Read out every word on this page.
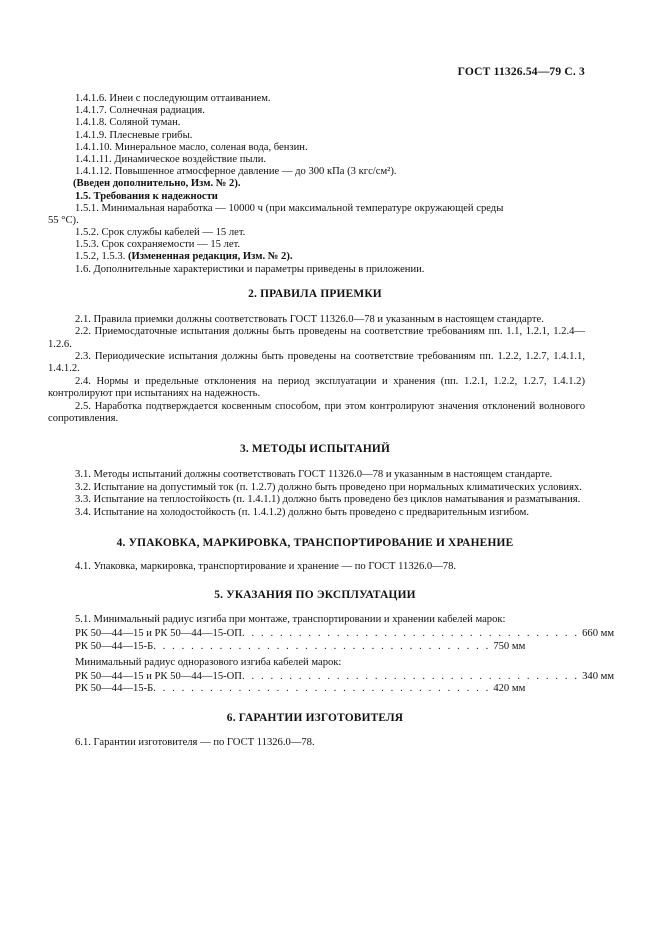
ГОСТ 11326.54—79 С. 3
1.4.1.6. Инеи с последующим оттаиванием.
1.4.1.7. Солнечная радиация.
1.4.1.8. Соляной туман.
1.4.1.9. Плесневые грибы.
1.4.1.10. Минеральное масло, соленая вода, бензин.
1.4.1.11. Динамическое воздействие пыли.
1.4.1.12. Повышенное атмосферное давление — до 300 кПа (3 кгс/см²).
(Введен дополнительно, Изм. № 2).
1.5. Требования к надежности
1.5.1. Минимальная наработка — 10000 ч (при максимальной температуре окружающей среды
55 °С).
1.5.2. Срок службы кабелей — 15 лет.
1.5.3. Срок сохраняемости — 15 лет.
1.5.2, 1.5.3. (Измененная редакция, Изм. № 2).
1.6. Дополнительные характеристики и параметры приведены в приложении.
2. ПРАВИЛА ПРИЕМКИ

2.1. Правила приемки должны соответствовать ГОСТ 11326.0—78 и указанным в настоящем стандарте.

2.2. Приемосдаточные испытания должны быть проведены на соответствие требованиям пп. 1.1, 1.2.1, 1.2.4—1.2.6.

2.3. Периодические испытания должны быть проведены на соответствие требованиям пп. 1.2.2, 1.2.7, 1.4.1.1, 1.4.1.2.

2.4. Нормы и предельные отклонения на период эксплуатации и хранения (пп. 1.2.1, 1.2.2, 1.2.7, 1.4.1.2) контролируют при испытаниях на надежность.

2.5. Наработка подтверждается косвенным способом, при этом контролируют значения отклонений волнового сопротивления.

3. МЕТОДЫ ИСПЫТАНИЙ

3.1. Методы испытаний должны соответствовать ГОСТ 11326.0—78 и указанным в настоящем стандарте.

3.2. Испытание на допустимый ток (п. 1.2.7) должно быть проведено при нормальных климатических условиях.

3.3. Испытание на теплостойкость (п. 1.4.1.1) должно быть проведено без циклов наматывания и разматывания.

3.4. Испытание на холодостойкость (п. 1.4.1.2) должно быть проведено с предварительным изгибом.

4. УПАКОВКА, МАРКИРОВКА, ТРАНСПОРТИРОВАНИЕ И ХРАНЕНИЕ
4.1. Упаковка, маркировка, транспортирование и хранение — по ГОСТ 11326.0—78.
5. УКАЗАНИЯ ПО ЭКСПЛУАТАЦИИ
5.1. Минимальный радиус изгиба при монтаже, транспортировании и хранении кабелей марок:
РК 50—44—15 и РК 50—44—15-ОП . . . . . . . . . . . . . . . . . . . . . . . . . . . . . . . . . . . . 660 мм
РК 50—44—15-Б . . . . . . . . . . . . . . . . . . . . . . . . . . . . . . . . . . . . 750 мм
Минимальный радиус одноразового изгиба кабелей марок:
РК 50—44—15 и РК 50—44—15-ОП . . . . . . . . . . . . . . . . . . . . . . . . . . . . . . . . . . . . 340 мм
РК 50—44—15-Б . . . . . . . . . . . . . . . . . . . . . . . . . . . . . . . . . . . . 420 мм
6. ГАРАНТИИ ИЗГОТОВИТЕЛЯ
6.1. Гарантии изготовителя — по ГОСТ 11326.0—78.
